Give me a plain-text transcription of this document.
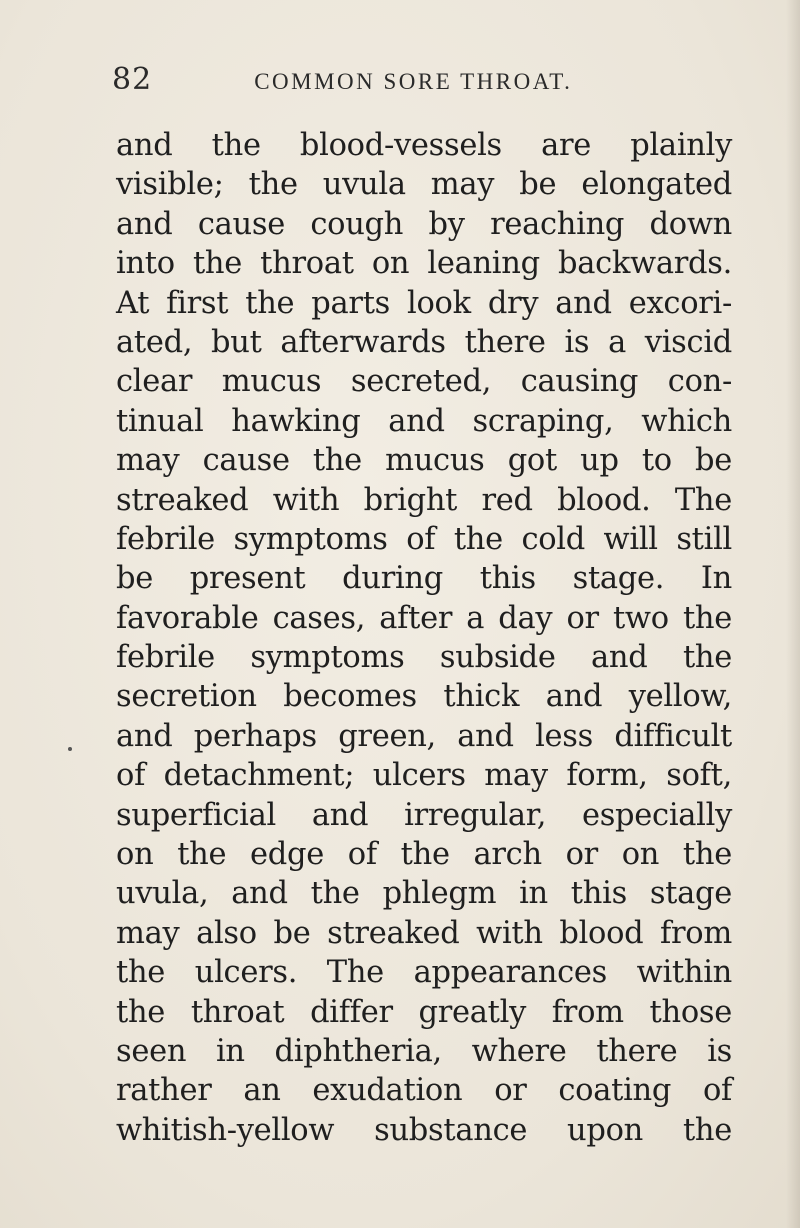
82	COMMON SORE THROAT.
and the blood-vessels are plainly
visible; the uvula may be elongated
and cause cough by reaching down
into the throat on leaning backwards.
At first the parts look dry and excori-
ated, but afterwards there is a viscid
clear mucus secreted, causing con-
tinual hawking and scraping, which
may cause the mucus got up to be
streaked with bright red blood. The
febrile symptoms of the cold will still
be present during this stage. In
favorable cases, after a day or two the
febrile symptoms subside and the
secretion becomes thick and yellow,
and perhaps green, and less difficult
of detachment; ulcers may form, soft,
superficial and irregular, especially
on the edge of the arch or on the
uvula, and the phlegm in this stage
may also be streaked with blood from
the ulcers. The appearances within
the throat differ greatly from those
seen in diphtheria, where there is
rather an exudation or coating of
whitish-yellow substance upon the
